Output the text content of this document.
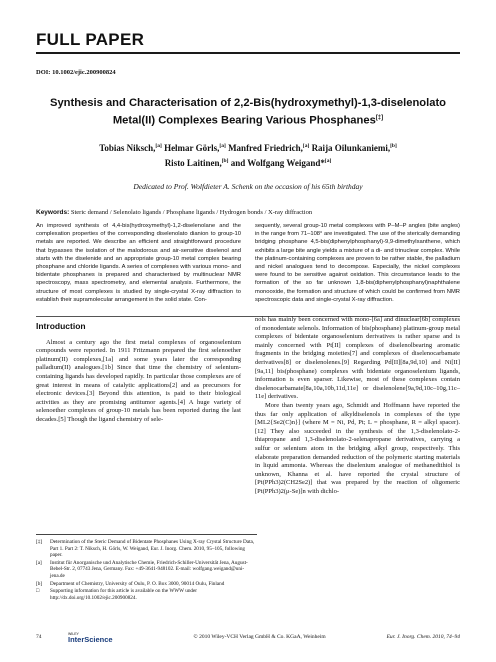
FULL PAPER
DOI: 10.1002/ejic.200900824
Synthesis and Characterisation of 2,2-Bis(hydroxymethyl)-1,3-diselenolato Metal(II) Complexes Bearing Various Phosphanes[‡]
Tobias Niksch,[a] Helmar Görls,[a] Manfred Friedrich,[a] Raija Oilunkaniemi,[b]
Risto Laitinen,[b] and Wolfgang Weigand*[a]
Dedicated to Prof. Wolfdieter A. Schenk on the occasion of his 65th birthday
Keywords: Steric demand / Selenolato ligands / Phosphane ligands / Hydrogen bonds / X-ray diffraction
An improved synthesis of 4,4-bis(hydroxymethyl)-1,2-diselenolane and the complexation properties of the corresponding diselenolato dianion to group-10 metals are reported. We describe an efficient and straightforward procedure that bypasses the isolation of the malodorous and air-sensitive diselenol and starts with the diselenide and an appropriate group-10 metal complex bearing phosphane and chloride ligands. A series of complexes with various mono- and bidentate phosphanes is prepared and characterised by multinuclear NMR spectroscopy, mass spectrometry, and elemental analysis. Furthermore, the structure of most complexes is studied by single-crystal X-ray diffraction to establish their supramolecular arrangement in the solid state. Con-
sequently, several group-10 metal complexes with P–M–P angles (bite angles) in the range from 71–108° are investigated. The use of the sterically demanding bridging phosphane 4,5-bis(diphenylphosphanyl)-9,9-dimethylxanthene, which exhibits a large bite angle yields a mixture of a di- and trinuclear complex. While the platinum-containing complexes are proven to be rather stable, the palladium and nickel analogues tend to decompose. Especially, the nickel complexes were found to be sensitive against oxidation. This circumstance leads to the formation of the so far unknown 1,8-bis(diphenylphosphanyl)naphthalene monooxide, the formation and structure of which could be confirmed from NMR spectroscopic data and single-crystal X-ray diffraction.
Introduction

Almost a century ago the first metal complexes of organoselenium compounds were reported. In 1911 Fritzmann prepared the first selenoether platinum(II) complexes,[1a] and some years later the corresponding palladium(II) analogues.[1b] Since that time the chemistry of selenium-containing ligands has developed rapidly. In particular those complexes are of great interest in means of catalytic applications[2] and as precursors for electronic devices.[3] Beyond this attention, is paid to their biological activities as they are promising antitumor agents.[4] A huge variety of selenoether complexes of group-10 metals has been reported during the last decades.[5] Though the ligand chemistry of sele-

nols has mainly been concerned with mono-[6a] and dinuclear[6b] complexes of monodentate selenols. Information of bis(phosphane) platinum-group metal complexes of bidentate organoselenium derivatives is rather sparse and is mainly concerned with Pt[II] complexes of diselenolbearing aromatic fragments in the bridging moieties[7] and complexes of diselenocarbamate derivatives[8] or diselenolenes.[9] Regarding Pd[II][8a,9d,10] and Ni[II][9a,11] bis(phosphane) complexes with bidentate organoselenium ligands, information is even sparser. Likewise, most of these complexes contain diselenocarbamate[8a,10a,10b,11d,11e] or diselenolene[9a,9d,10c–10g,11c–11e] derivatives.

More than twenty years ago, Schmidt and Hoffmann have reported the thus far only application of alkyldiselenols in complexes of the type [ML2{Se2(C)n}] (where M = Ni, Pd, Pt; L = phosphane, R = alkyl spacer).[12] They also succeeded in the synthesis of the 1,3-diselenolato-2-thiapropane and 1,3-diselenolato-2-selenapropane derivatives, carrying a sulfur or selenium atom in the bridging alkyl group, respectively. This elaborate preparation demanded reduction of the polymeric starting materials in liquid ammonia. Whereas the diselenium analogue of methanedithiol is unknown, Khanna et al. have reported the crystal structure of [Pt(PPh3)2(CH2Se2)] that was prepared by the reaction of oligomeric [Pt(PPh3)2(μ-Se)]n with dichlo-

[‡]	Determination of the Steric Demand of Bidentate Phosphanes Using X-ray Crystal Structure Data, Part 1. Part 2: T. Niksch, H. Görls, W. Weigand, Eur. J. Inorg. Chem. 2010, 95–105, following paper.
[a]	Institut für Anorganische und Analytische Chemie, Friedrich-Schiller-Universität Jena, August-Bebel-Str. 2, 07743 Jena, Germany. Fax: +49-3641-948102. E-mail: wolfgang.weigand@uni-jena.de
[b]	Department of Chemistry, University of Oulu, P. O. Box 3000, 90014 Oulu, Finland
□	Supporting information for this article is available on the WWW under http://dx.doi.org/10.1002/ejic.200900824.
74	WILEY
InterScience	© 2010 Wiley-VCH Verlag GmbH & Co. KGaA, Weinheim	Eur. J. Inorg. Chem. 2010, 74–94
